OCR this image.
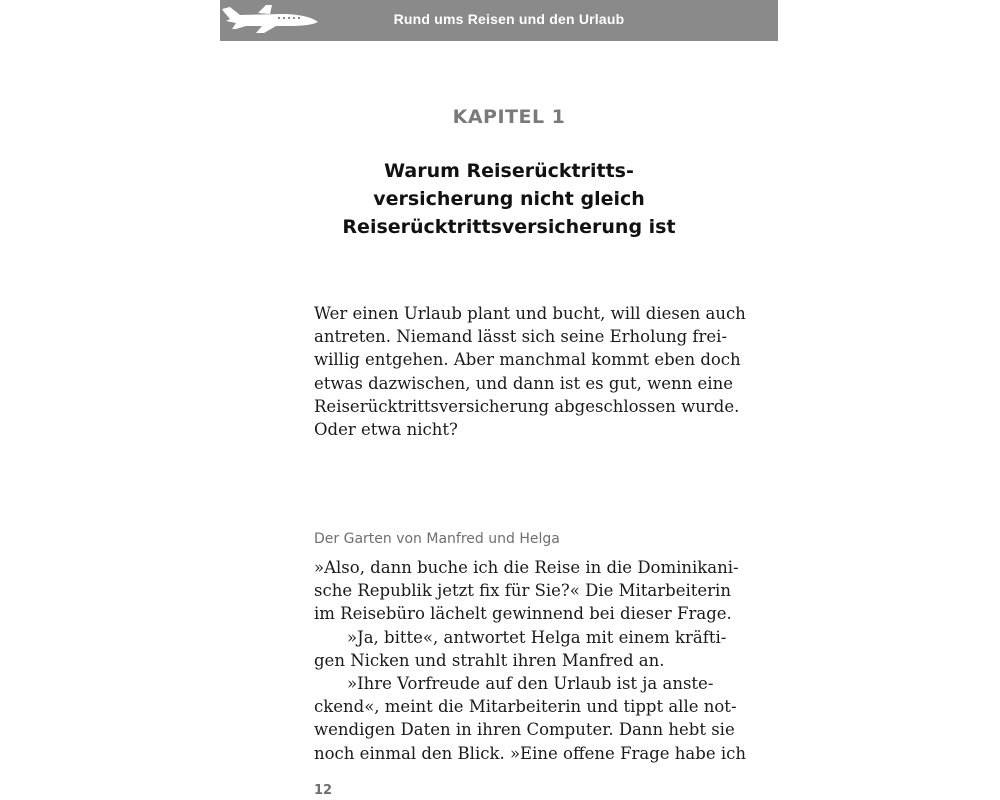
Rund ums Reisen und den Urlaub
KAPITEL 1
Warum Reiserücktritts-
versicherung nicht gleich
Reiserücktrittsversicherung ist
Wer einen Urlaub plant und bucht, will diesen auch
antreten. Niemand lässt sich seine Erholung frei-
willig entgehen. Aber manchmal kommt eben doch
etwas dazwischen, und dann ist es gut, wenn eine
Reiserücktrittsversicherung abgeschlossen wurde.
Oder etwa nicht?
Der Garten von Manfred und Helga
»Also, dann buche ich die Reise in die Dominikani-
sche Republik jetzt fix für Sie?« Die Mitarbeiterin
im Reisebüro lächelt gewinnend bei dieser Frage.
»Ja, bitte«, antwortet Helga mit einem kräfti-
gen Nicken und strahlt ihren Manfred an.
»Ihre Vorfreude auf den Urlaub ist ja anste-
ckend«, meint die Mitarbeiterin und tippt alle not-
wendigen Daten in ihren Computer. Dann hebt sie
noch einmal den Blick. »Eine offene Frage habe ich
12
